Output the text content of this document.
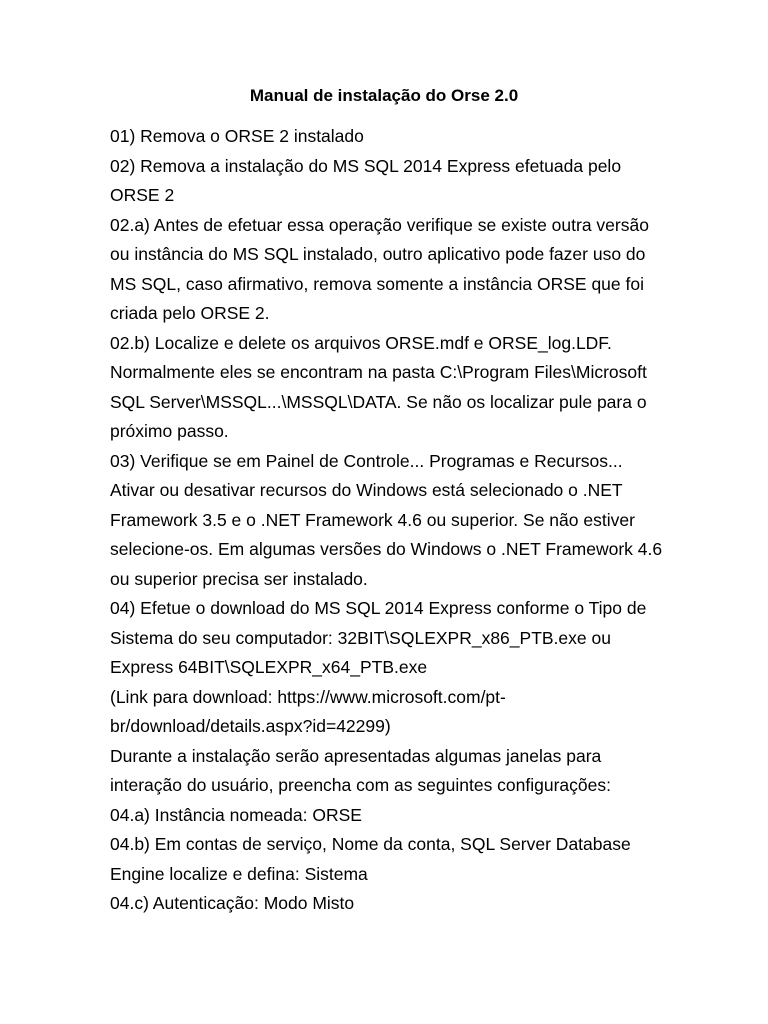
Manual de instalação do Orse 2.0

01) Remova o ORSE 2 instalado

02) Remova a instalação do MS SQL 2014 Express efetuada pelo ORSE 2

02.a) Antes de efetuar essa operação verifique se existe outra versão ou instância do MS SQL instalado, outro aplicativo pode fazer uso do MS SQL, caso afirmativo, remova somente a instância ORSE que foi criada pelo ORSE 2.

02.b) Localize e delete os arquivos ORSE.mdf e ORSE_log.LDF. Normalmente eles se encontram na pasta C:\Program Files\Microsoft SQL Server\MSSQL...\MSSQL\DATA. Se não os localizar pule para o próximo passo.

03) Verifique se em Painel de Controle... Programas e Recursos... Ativar ou desativar recursos do Windows está selecionado o .NET Framework 3.5 e o .NET Framework 4.6 ou superior. Se não estiver selecione-os. Em algumas versões do Windows o .NET Framework 4.6 ou superior precisa ser instalado.

04) Efetue o download do MS SQL 2014 Express conforme o Tipo de Sistema do seu computador: 32BIT\SQLEXPR_x86_PTB.exe ou Express 64BIT\SQLEXPR_x64_PTB.exe

(Link para download: https://www.microsoft.com/pt-br/download/details.aspx?id=42299)

Durante a instalação serão apresentadas algumas janelas para interação do usuário, preencha com as seguintes configurações:

04.a) Instância nomeada: ORSE

04.b) Em contas de serviço, Nome da conta, SQL Server Database Engine localize e defina: Sistema

04.c) Autenticação: Modo Misto
